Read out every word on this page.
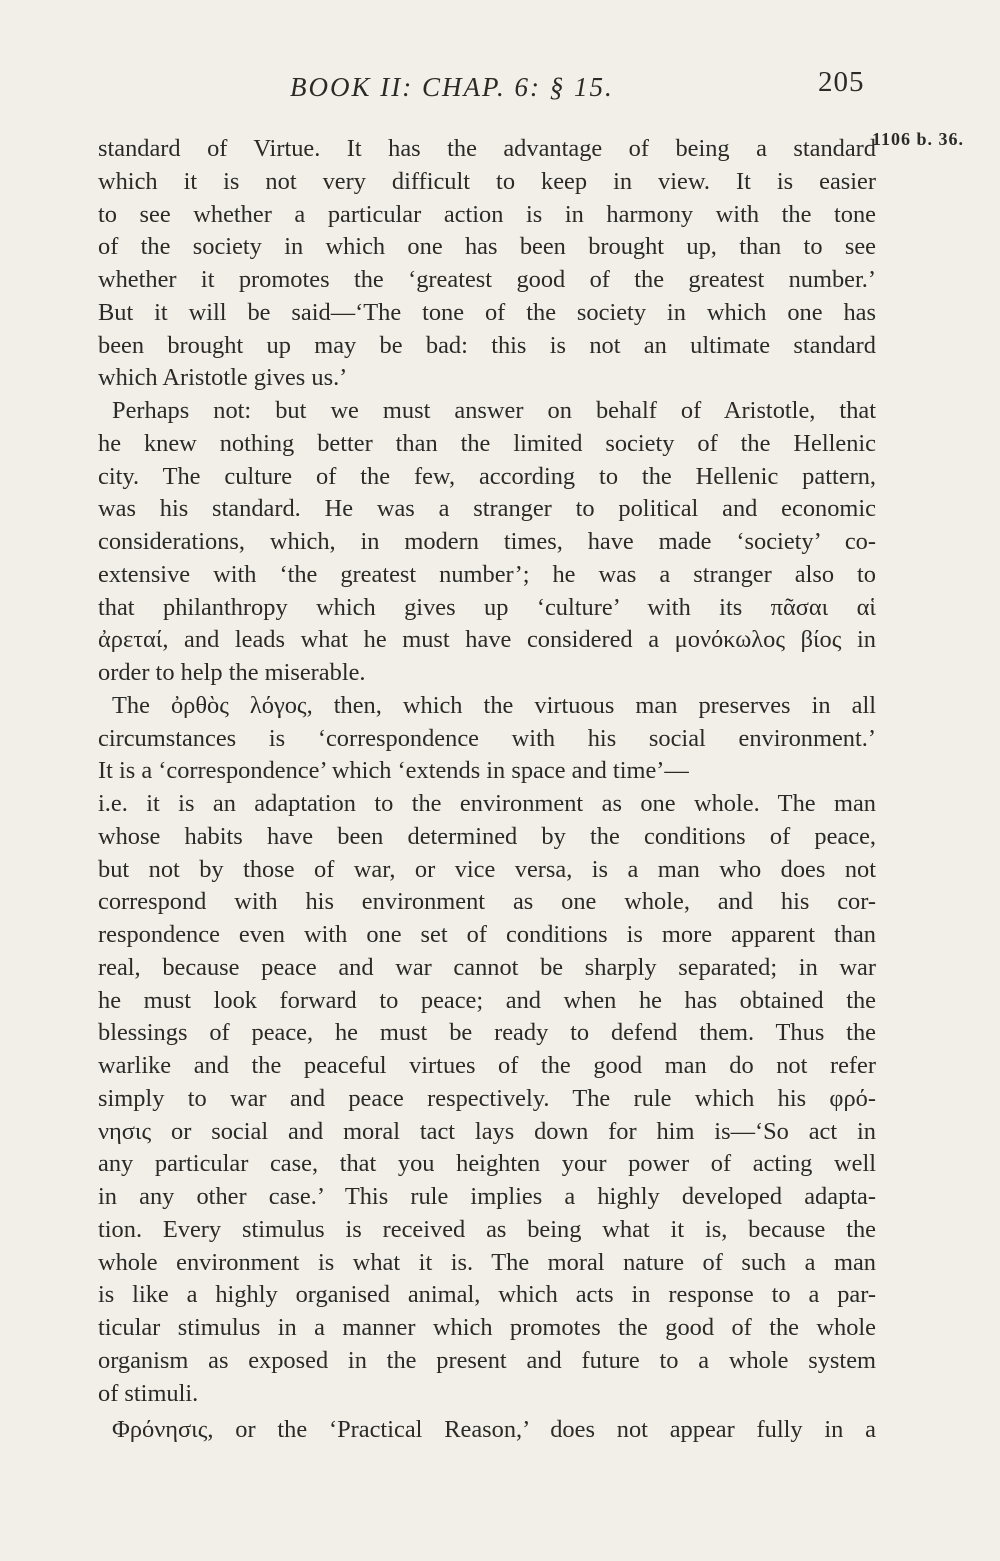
BOOK II: CHAP. 6: § 15.	205
1106 b. 36.
standard of Virtue. It has the advantage of being a standard
which it is not very difficult to keep in view. It is easier
to see whether a particular action is in harmony with the tone
of the society in which one has been brought up, than to see
whether it promotes the ‘greatest good of the greatest number.’
But it will be said—‘The tone of the society in which one has
been brought up may be bad: this is not an ultimate standard
which Aristotle gives us.’
Perhaps not: but we must answer on behalf of Aristotle, that
he knew nothing better than the limited society of the Hellenic
city. The culture of the few, according to the Hellenic pattern,
was his standard. He was a stranger to political and economic
considerations, which, in modern times, have made ‘society’ co-
extensive with ‘the greatest number’; he was a stranger also to
that philanthropy which gives up ‘culture’ with its πᾶσαι αἱ
ἀρεταί, and leads what he must have considered a μονόκωλος βίος in
order to help the miserable.
The ὀρθὸς λόγος, then, which the virtuous man preserves in all
circumstances is ‘correspondence with his social environment.’
It is a ‘correspondence’ which ‘extends in space and time’—
i.e. it is an adaptation to the environment as one whole. The man
whose habits have been determined by the conditions of peace,
but not by those of war, or vice versa, is a man who does not
correspond with his environment as one whole, and his cor-
respondence even with one set of conditions is more apparent than
real, because peace and war cannot be sharply separated; in war
he must look forward to peace; and when he has obtained the
blessings of peace, he must be ready to defend them. Thus the
warlike and the peaceful virtues of the good man do not refer
simply to war and peace respectively. The rule which his φρό-
νησις or social and moral tact lays down for him is—‘So act in
any particular case, that you heighten your power of acting well
in any other case.’ This rule implies a highly developed adapta-
tion. Every stimulus is received as being what it is, because the
whole environment is what it is. The moral nature of such a man
is like a highly organised animal, which acts in response to a par-
ticular stimulus in a manner which promotes the good of the whole
organism as exposed in the present and future to a whole system
of stimuli.
Φρόνησις, or the ‘Practical Reason,’ does not appear fully in a
